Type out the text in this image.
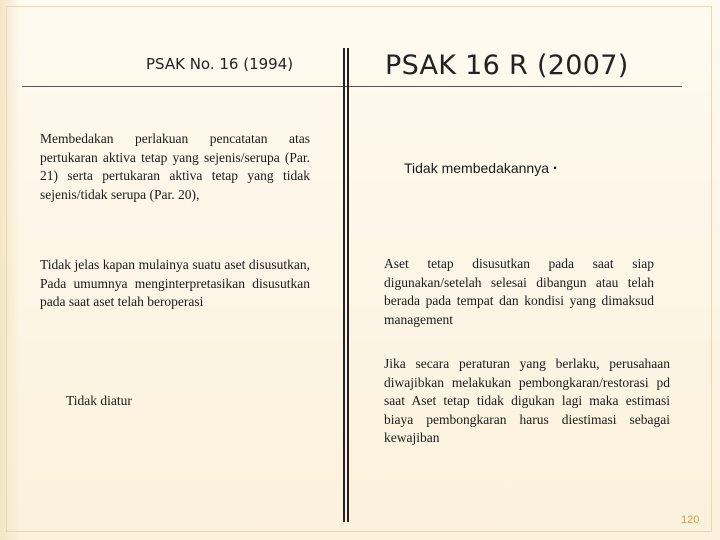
PSAK No. 16 (1994)	PSAK 16 R (2007)
Membedakan perlakuan pencatatan atas pertukaran aktiva tetap yang sejenis/serupa (Par. 21) serta pertukaran aktiva tetap yang tidak sejenis/tidak serupa (Par. 20),
Tidak jelas kapan mulainya suatu aset disusutkan, Pada umumnya menginterpretasikan disusutkan pada saat aset telah beroperasi
Tidak diatur
Tidak membedakannya .
Aset tetap disusutkan pada saat siap digunakan/setelah selesai dibangun atau telah berada pada tempat dan kondisi yang dimaksud management
Jika secara peraturan yang berlaku, perusahaan diwajibkan melakukan pembongkaran/restorasi pd saat Aset tetap tidak digukan lagi maka estimasi biaya pembongkaran harus diestimasi sebagai kewajiban
120
